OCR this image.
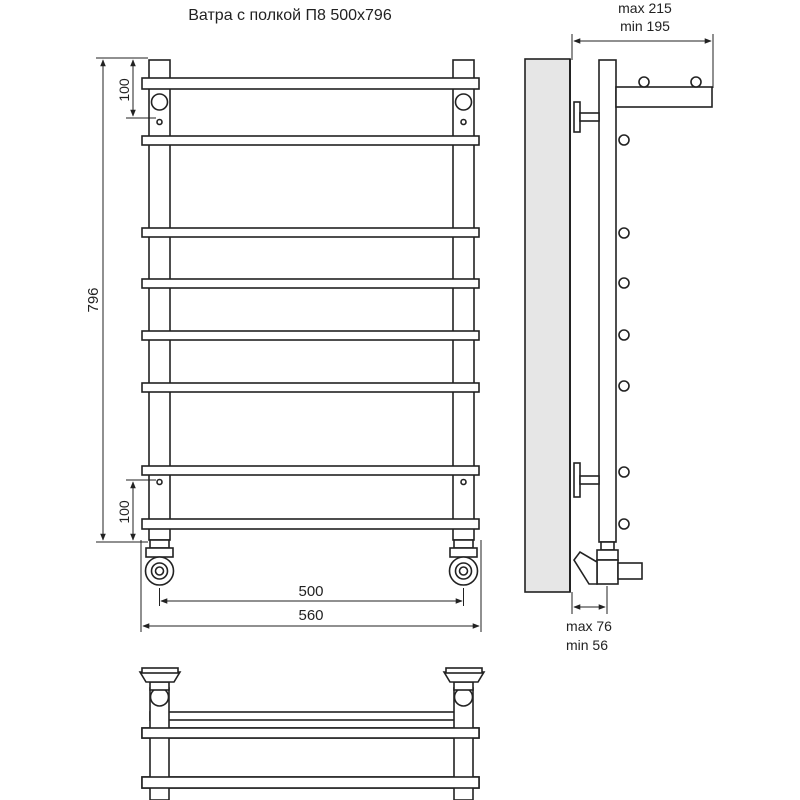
Ватра с полкой П8 500х796
796
100
100
500
560
max 215
min 195
max 76
min 56
